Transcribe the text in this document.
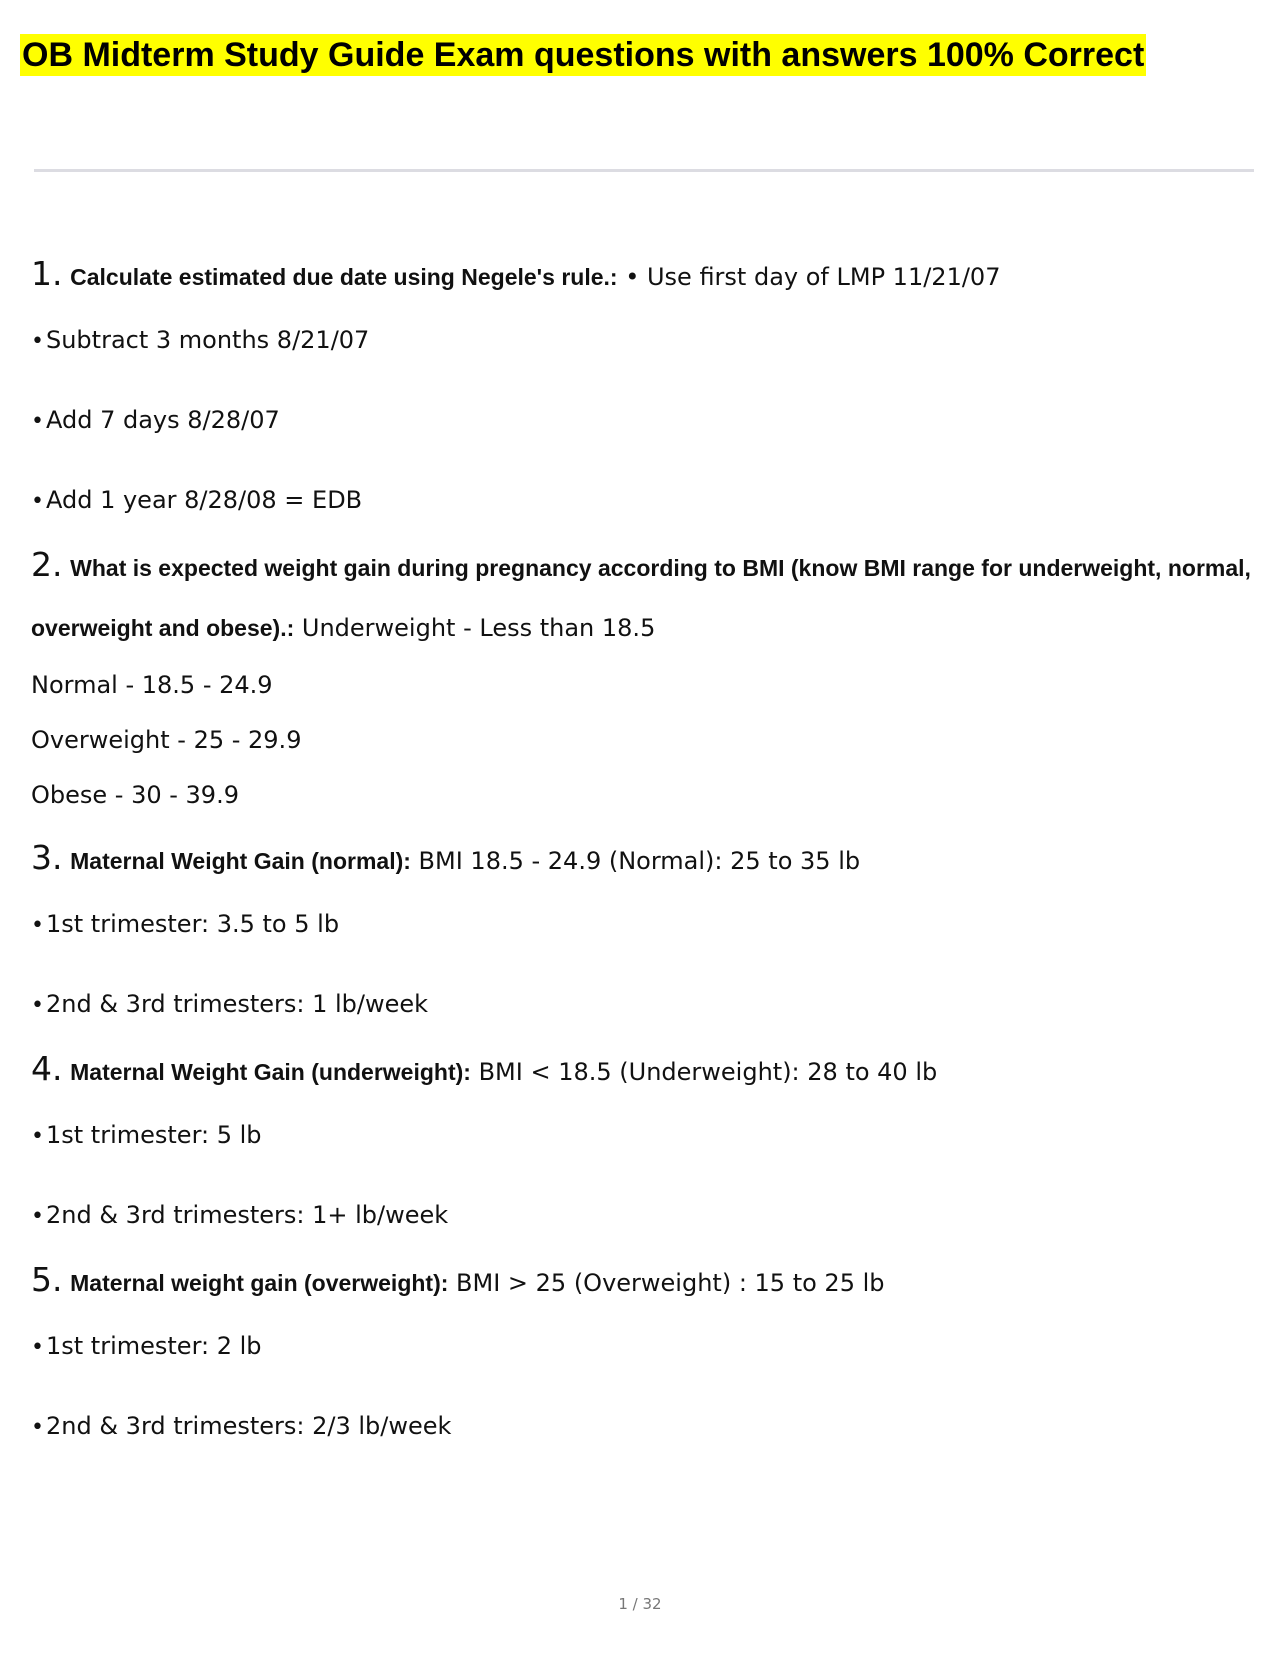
OB Midterm Study Guide Exam questions with answers 100% Correct

1. Calculate estimated due date using Negele's rule.: • Use first day of LMP 11/21/07

•Subtract 3 months 8/21/07

•Add 7 days 8/28/07

•Add 1 year 8/28/08 = EDB

2. What is expected weight gain during pregnancy according to BMI (know BMI range for underweight, normal, overweight and obese).: Underweight - Less than 18.5

Normal - 18.5 - 24.9

Overweight - 25 - 29.9

Obese - 30 - 39.9

3. Maternal Weight Gain (normal): BMI 18.5 - 24.9 (Normal): 25 to 35 lb

•1st trimester: 3.5 to 5 lb

•2nd & 3rd trimesters: 1 lb/week

4. Maternal Weight Gain (underweight): BMI < 18.5 (Underweight): 28 to 40 lb

•1st trimester: 5 lb

•2nd & 3rd trimesters: 1+ lb/week

5. Maternal weight gain (overweight): BMI > 25 (Overweight) : 15 to 25 lb

•1st trimester: 2 lb

•2nd & 3rd trimesters: 2/3 lb/week

1 / 32
